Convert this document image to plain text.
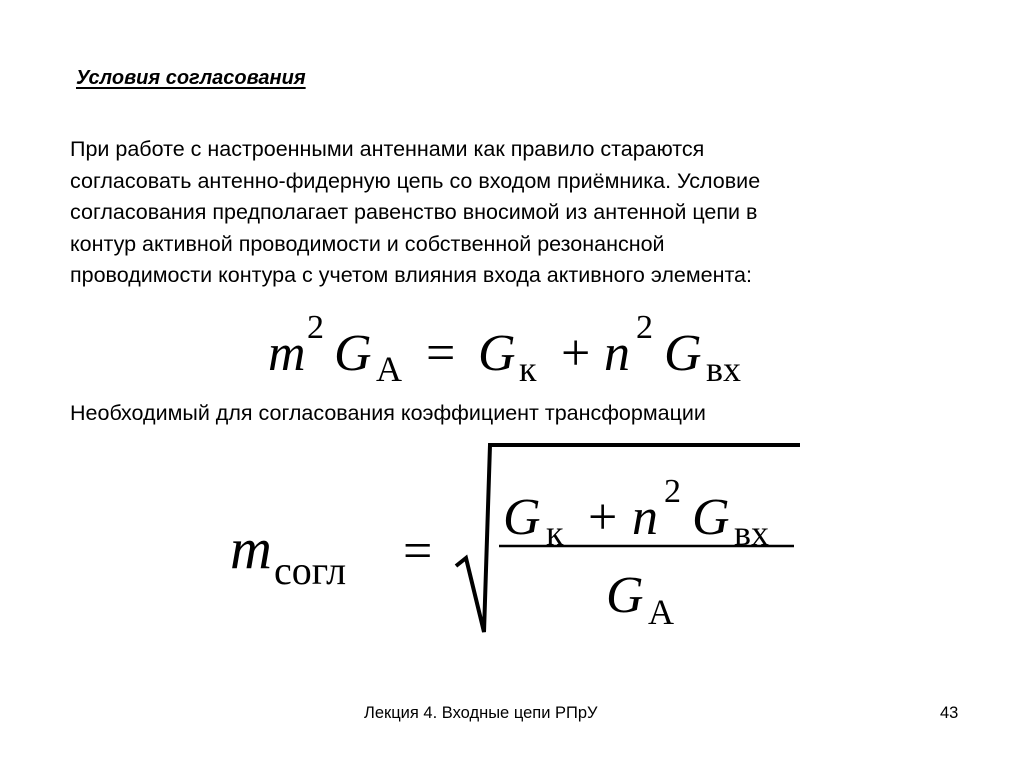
Условия согласования
При работе с настроенными антеннами как правило стараются
согласовать антенно-фидерную цепь со входом приёмника. Условие
согласования предполагает равенство вносимой из антенной цепи в
контур активной проводимости и собственной резонансной
проводимости контура с учетом влияния входа активного элемента:
m 2 G А = G к + n 2 G вх
m согл =
G к + n 2 G вх
G А
Необходимый для согласования коэффициент трансформации
Лекция 4. Входные цепи РПрУ	43
